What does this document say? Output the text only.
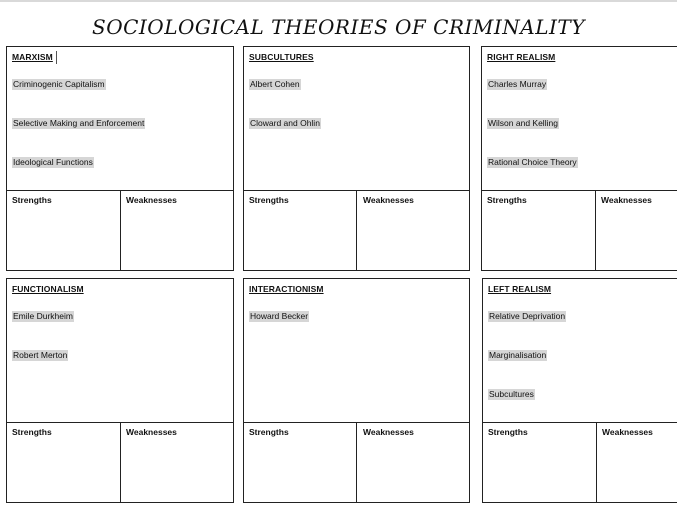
SOCIOLOGICAL THEORIES OF CRIMINALITY
MARXISM
Criminogenic Capitalism
Selective Making and Enforcement
Ideological Functions
Strengths	Weaknesses
SUBCULTURES
Albert Cohen
Cloward and Ohlin
Strengths	Weaknesses
RIGHT REALISM
Charles Murray
Wilson and Kelling
Rational Choice Theory
Strengths	Weaknesses
FUNCTIONALISM
Emile Durkheim
Robert Merton
Strengths	Weaknesses
INTERACTIONISM
Howard Becker
Strengths	Weaknesses
LEFT REALISM
Relative Deprivation
Marginalisation
Subcultures
Strengths	Weaknesses
